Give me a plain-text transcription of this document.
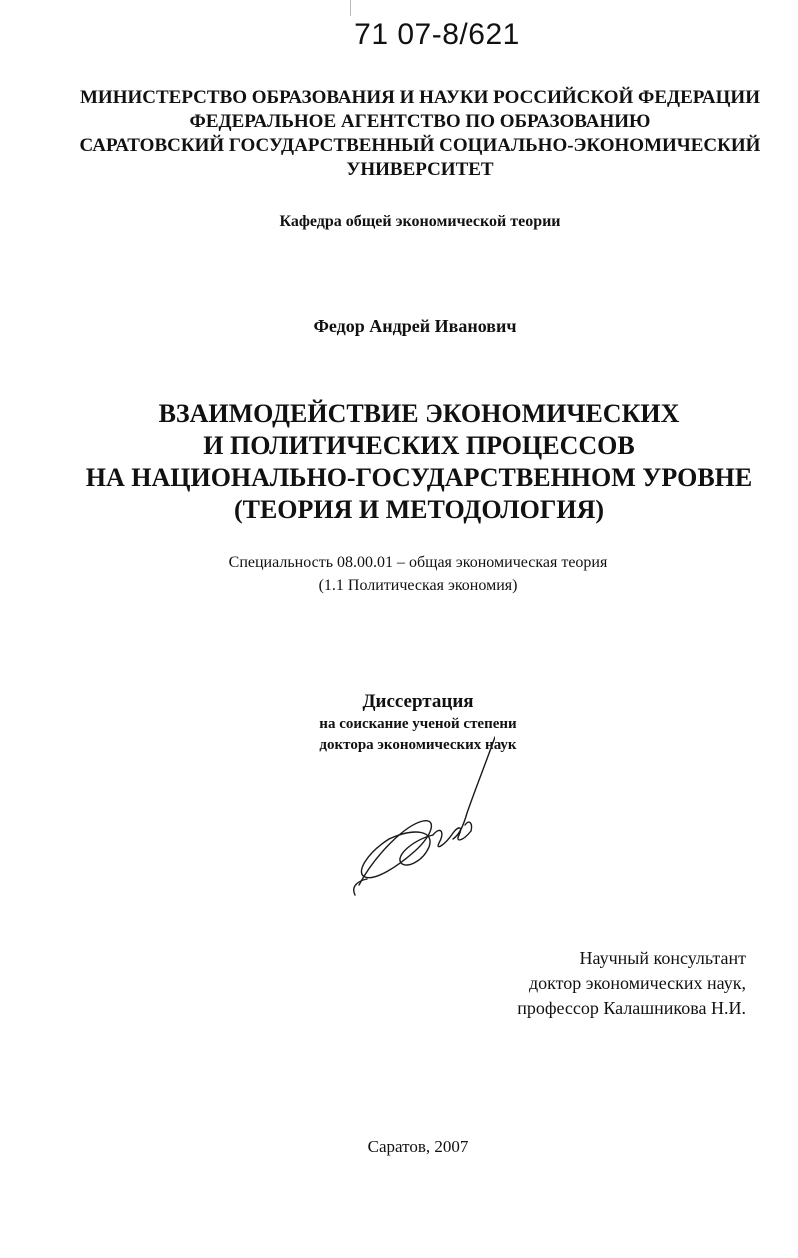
71 07-8/621
МИНИСТЕРСТВО ОБРАЗОВАНИЯ И НАУКИ РОССИЙСКОЙ ФЕДЕРАЦИИ
ФЕДЕРАЛЬНОЕ АГЕНТСТВО ПО ОБРАЗОВАНИЮ
САРАТОВСКИЙ ГОСУДАРСТВЕННЫЙ СОЦИАЛЬНО-ЭКОНОМИЧЕСКИЙ
УНИВЕРСИТЕТ
Кафедра общей экономической теории
Федор Андрей Иванович
ВЗАИМОДЕЙСТВИЕ ЭКОНОМИЧЕСКИХ
И ПОЛИТИЧЕСКИХ ПРОЦЕССОВ
НА НАЦИОНАЛЬНО-ГОСУДАРСТВЕННОМ УРОВНЕ
(ТЕОРИЯ И МЕТОДОЛОГИЯ)
Специальность 08.00.01 – общая экономическая теория
(1.1 Политическая экономия)
Диссертация
на соискание ученой степени
доктора экономических наук
Научный консультант
доктор экономических наук,
профессор Калашникова Н.И.
Саратов, 2007
